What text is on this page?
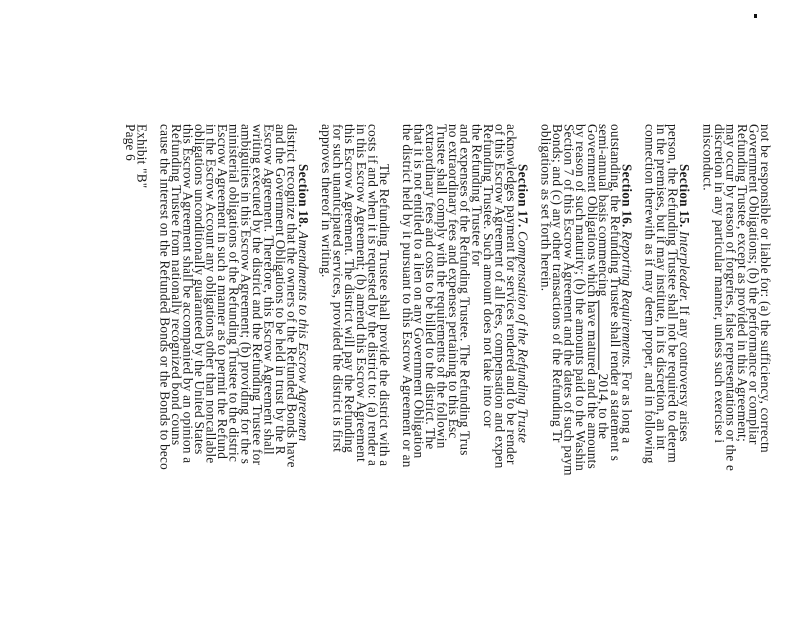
not be responsible or liable for: (a) the sufficiency, correctn
Government Obligations; (b) the performance or compliar
Refunding Trustee, except as provided in this Agreement;
may occur by reason of forgeries, false representations or the e
discretion in any particular manner, unless such exercise i
misconduct.
Section 15. Interpleader. If any controversy arises
person, the Refunding Trustee shall not be required to determ
in the premises, but it may institute, in its discretion, an int
connection therewith as it may deem proper, and in following
Section 16. Reporting Requirements. For as long a
outstanding, the Refunding Trustee shall render a statement s
semi-annual basis commencing  2014, to the
Government Obligations which have matured and the amounts
by reason of such maturity; (b) the amounts paid to the Washin
Section 7 of this Escrow Agreement and the dates of such paym
Bonds; and (c) any other transactions of the Refunding Tr
obligations as set forth herein.
Section 17. Compensation of the Refunding Truste
acknowledges payment for services rendered and to be render
of this Escrow Agreement of all fees, compensation and expen
Refunding Trustee. Such amount does not take into cor
the Refunding Trustee for
and expenses of the Refunding Trustee. The Refunding Trus
no extraordinary fees and expenses pertaining to this Esc
Trustee shall comply with the requirements of the followin
extraordinary fees and costs to be billed to the district. The
that it is not entitled to a lien on any Government Obligation
the district held by it pursuant to this Escrow Agreement or an
The Refunding Trustee shall provide the district with a
costs if and when it is requested by the district to: (a) render a
in this Escrow Agreement; (b) amend this Escrow Agreement
this Escrow Agreement. The district will pay the Refunding
for such unanticipated services, provided the district is first
approves thereof in writing.
Section 18. Amendments to this Escrow Agreemen
district recognize that the owners of the Refunded Bonds have
and the Government Obligations to be held in trust by the R
Escrow Agreement. Therefore, this Escrow Agreement shall
writing executed by the district and the Refunding Trustee for
ambiguities in this Escrow Agreement; (b) providing for the s
ministerial obligations of the Refunding Trustee to the distric
Escrow Agreement in such a manner as to permit the Refund
in the Escrow Account any obligations other than noncallable
obligations unconditionally guaranteed by the United States
this Escrow Agreement shall be accompanied by an opinion a
Refunding Trustee from nationally recognized bond couns
cause the interest on the Refunded Bonds or the Bonds to beco
Exhibit "B"
Page 6
